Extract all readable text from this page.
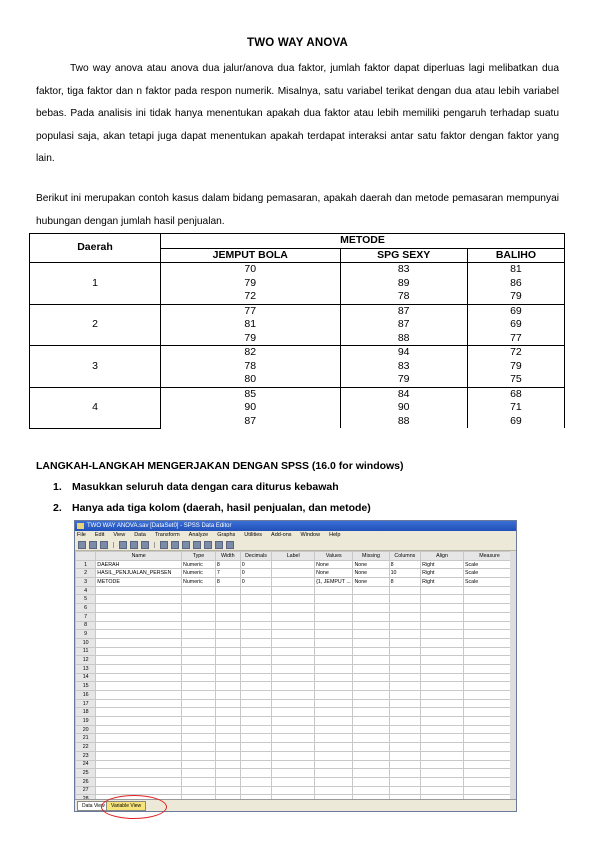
TWO WAY ANOVA
Two way anova atau anova dua jalur/anova dua faktor, jumlah faktor dapat diperluas lagi melibatkan dua faktor, tiga faktor dan n faktor pada respon numerik. Misalnya, satu variabel terikat dengan dua atau lebih variabel bebas. Pada analisis ini tidak hanya menentukan apakah dua faktor atau lebih memiliki pengaruh terhadap suatu populasi saja, akan tetapi juga dapat menentukan apakah terdapat interaksi antar satu faktor dengan faktor yang lain.
Berikut ini merupakan contoh kasus dalam bidang pemasaran, apakah daerah dan metode pemasaran mempunyai hubungan dengan jumlah hasil penjualan.
Daerah	METODE		
	JEMPUT BOLA	SPG SEXY	BALIHO
1	70	83	81
	79	89	86
	72	78	79
2	77	87	69
	81	87	69
	79	88	77
3	82	94	72
	78	83	79
	80	79	75
4	85	84	68
	90	90	71
	87	88	69
LANGKAH-LANGKAH MENGERJAKAN DENGAN SPSS (16.0 for windows)
1. Masukkan seluruh data dengan cara diturus kebawah
2. Hanya ada tiga kolom (daerah, hasil penjualan, dan metode)
TWO WAY ANOVA.sav [DataSet0] - SPSS Data Editor
File Edit View Data Transform Analyze Graphs Utilities Add-ons Window Help
	Name	Type	Width	Decimals	Label	Values	Missing	Columns	Align	Measure
1	DAERAH	Numeric	8	0		None	None	8	Right	Scale
2	HASIL_PENJUALAN_PERSEN	Numeric	7	0		None	None	10	Right	Scale
3	METODE	Numeric	8	0		{1, JEMPUT ...	None	8	Right	Scale
4										
5										
6										
7										
8										
9										
10										
11										
12										
13										
14										
15										
16										
17										
18										
19										
20										
21										
22										
23										
24										
25										
26										
27										

Data View	Variable View
